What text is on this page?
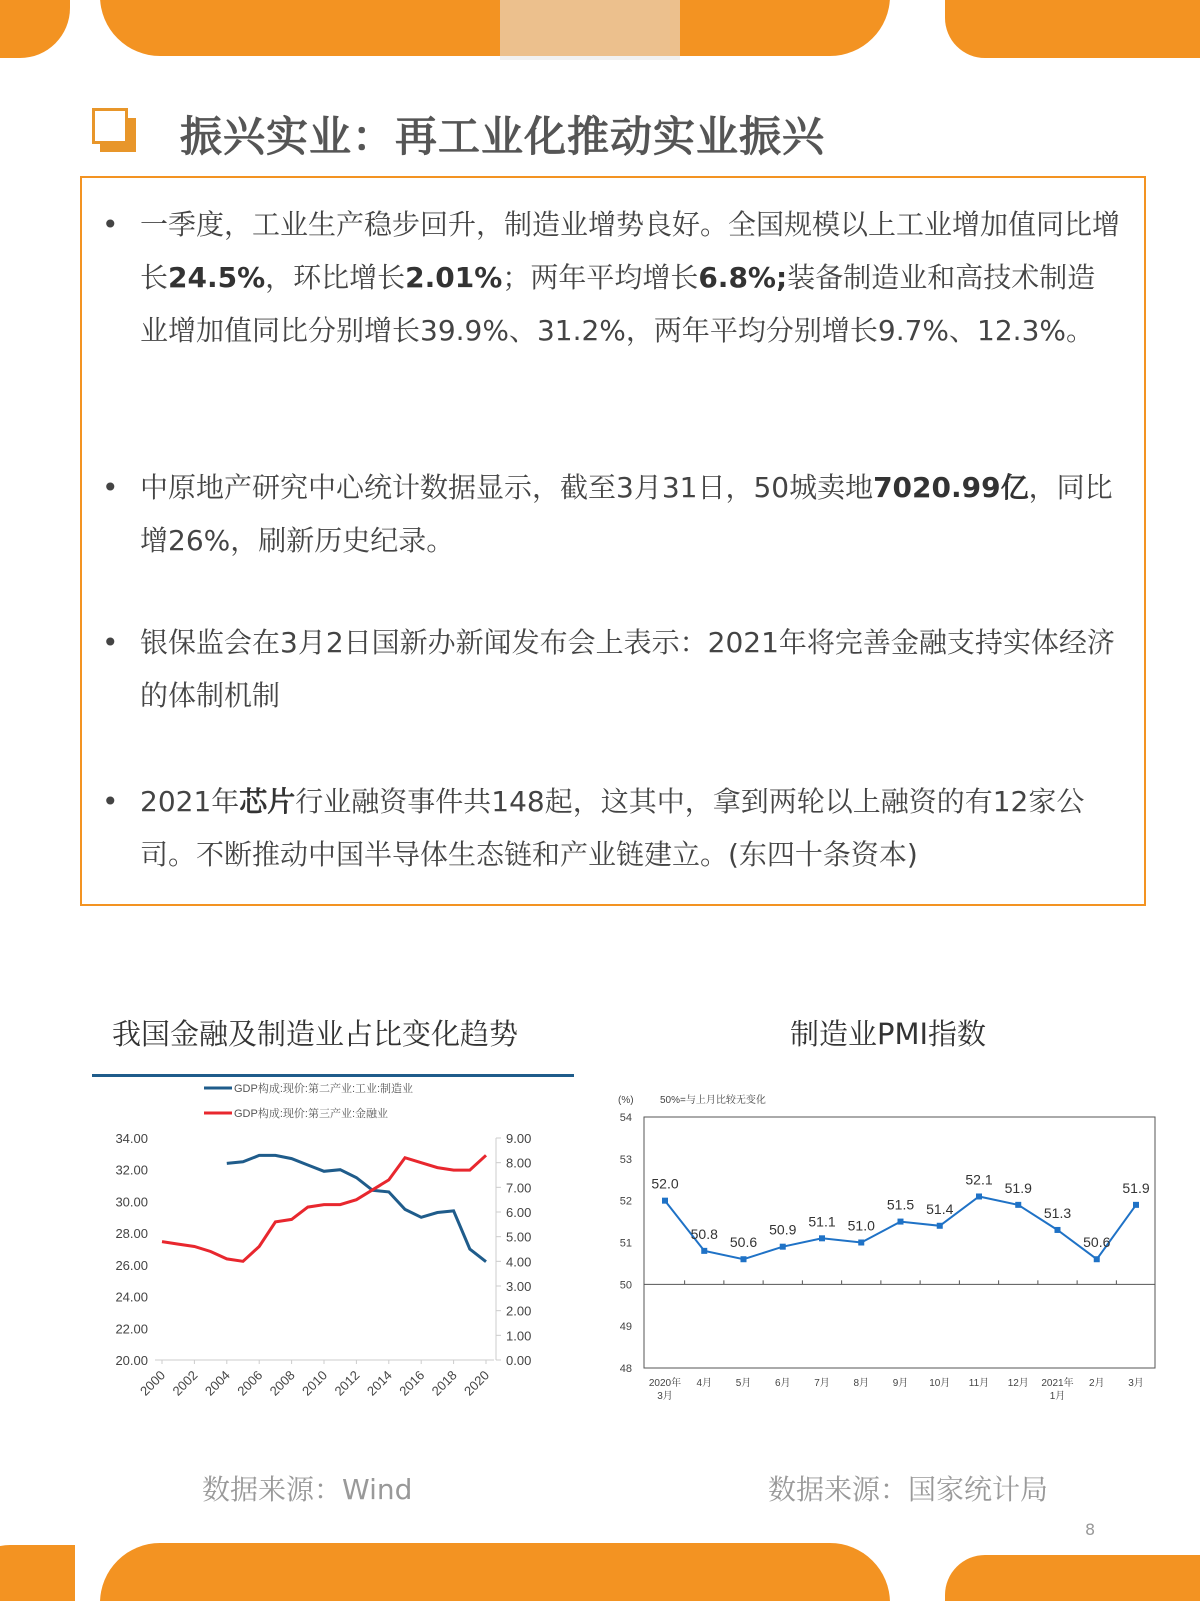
振兴实业：再工业化推动实业振兴
• 一季度，工业生产稳步回升，制造业增势良好。全国规模以上工业增加值同比增长24.5%，环比增长2.01%；两年平均增长6.8%;装备制造业和高技术制造业增加值同比分别增长39.9%、31.2%，两年平均分别增长9.7%、12.3%。
• 中原地产研究中心统计数据显示，截至3月31日，50城卖地7020.99亿，同比增26%，刷新历史纪录。
• 银保监会在3月2日国新办新闻发布会上表示：2021年将完善金融支持实体经济的体制机制
• 2021年芯片行业融资事件共148起，这其中，拿到两轮以上融资的有12家公司。不断推动中国半导体生态链和产业链建立。(东四十条资本)
我国金融及制造业占比变化趋势	制造业PMI指数
20.00
22.00
24.00
26.00
28.00
30.00
32.00
34.00
0.00
1.00
2.00
3.00
4.00
5.00
6.00
7.00
8.00
9.00
2000 2002 2004 2006 2008 2010 2012 2014 2016 2018 2020
GDP构成:现价:第二产业:工业:制造业
GDP构成:现价:第三产业:金融业
48
49
50
51
52
53
54
(%)	50%=与上月比较无变化
52.0
2020年
3月
50.8
4月
50.6
5月
50.9
6月
51.1
7月
51.0
8月
51.5
9月
51.4
10月
52.1
11月
51.9
12月
51.3
2021年
1月
50.6
2月
51.9
3月
数据来源：Wind	数据来源：国家统计局
8
